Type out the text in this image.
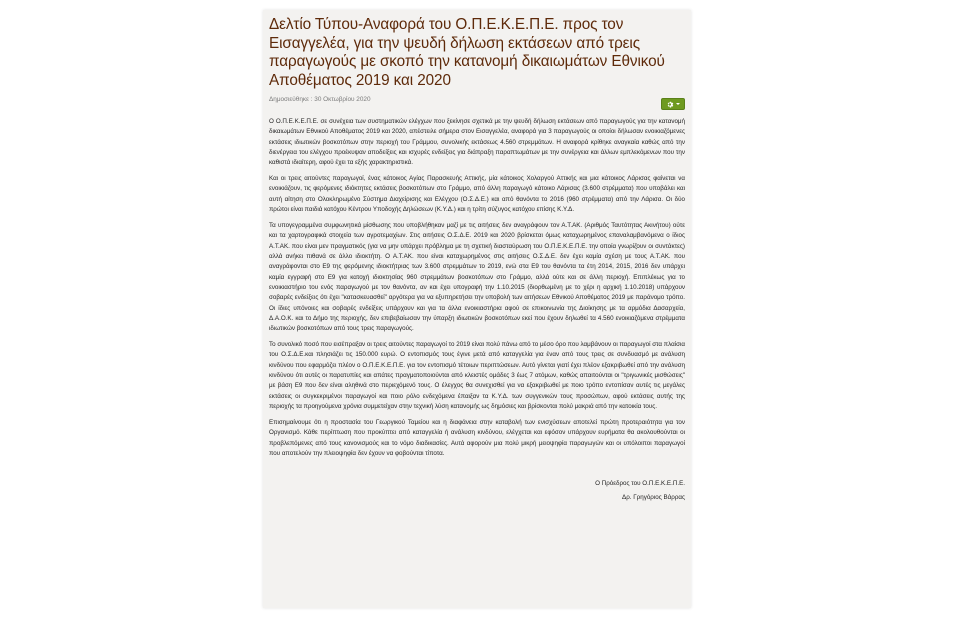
Δελτίο Τύπου-Αναφορά του Ο.Π.Ε.Κ.Ε.Π.Ε. προς τον Εισαγγελέα, για την ψευδή δήλωση εκτάσεων από τρεις παραγωγούς με σκοπό την κατανομή δικαιωμάτων Εθνικού Αποθέματος 2019 και 2020
Δημοσιεύθηκε : 30 Οκτωβρίου 2020

Ο Ο.Π.Ε.Κ.Ε.Π.Ε. σε συνέχεια των συστηματικών ελέγχων που ξεκίνησε σχετικά με την ψευδή δήλωση εκτάσεων από παραγωγούς για την κατανομή δικαιωμάτων Εθνικού Αποθέματος 2019 και 2020, απέστειλε σήμερα στον Εισαγγελέα, αναφορά για 3 παραγωγούς οι οποίοι δήλωσαν ενοικιαζόμενες εκτάσεις ιδιωτικών βοσκοτόπων στην περιοχή του Γράμμου, συνολικής εκτάσεως 4.560 στρεμμάτων. Η αναφορά κρίθηκε αναγκαία καθώς από την διενέργεια του ελέγχου προέκυψαν αποδείξεις και ισχυρές ενδείξεις για διάπραξη παραπτωμάτων με την συνέργεια και άλλων εμπλεκόμενων που την καθιστά ιδιαίτερη, αφού έχει τα εξής χαρακτηριστικά.

Και οι τρεις αιτούντες παραγωγοί, ένας κάτοικος Αγίας Παρασκευής Αττικής, μία κάτοικος Χολαργού Αττικής και μια κάτοικος Λάρισας φαίνεται να ενοικιάζουν, τις φερόμενες ιδιόκτητες εκτάσεις βοσκοτόπων στο Γράμμο, από άλλη παραγωγό κάτοικο Λάρισας (3.600 στρέμματα) που υποβάλει και αυτή αίτηση στο Ολοκληρωμένο Σύστημα Διαχείρισης και Ελέγχου (Ο.Σ.Δ.Ε.) και από θανόντα το 2016 (960 στρέμματα) από την Λάρισα. Οι δύο πρώτοι είναι παιδιά κατόχου Κέντρου Υποδοχής Δηλώσεων (Κ.Υ.Δ.) και η τρίτη σύζυγος κατόχου επίσης Κ.Υ.Δ.

Τα υπογεγραμμένα συμφωνητικά μίσθωσης που υποβλήθηκαν μαζί με τις αιτήσεις δεν αναγράφουν τον Α.Τ.ΑΚ. (Αριθμός Ταυτότητας Ακινήτου) ούτε και τα χαρτογραφικά στοιχεία των αγροτεμαχίων. Στις αιτήσεις Ο.Σ.Δ.Ε. 2019 και 2020 βρίσκεται όμως καταχωρημένος επαναλαμβανόμενα ο ίδιος Α.Τ.ΑΚ. που είναι μεν πραγματικός (για να μην υπάρχει πρόβλημα με τη σχετική διασταύρωση του Ο.Π.Ε.Κ.Ε.Π.Ε. την οποία γνωρίζουν οι συντάκτες) αλλά ανήκει πιθανά σε άλλο ιδιοκτήτη. Ο Α.Τ.ΑΚ. που είναι καταχωρημένος στις αιτήσεις Ο.Σ.Δ.Ε. δεν έχει καμία σχέση με τους Α.Τ.ΑΚ. που αναγράφονται στο Ε9 της φερόμενης ιδιοκτήτριας των 3.600 στρεμμάτων το 2019, ενώ στα Ε9 του θανόντα τα έτη 2014, 2015, 2016 δεν υπάρχει καμία εγγραφή στο Ε9 για κατοχή ιδιοκτησίας 960 στρεμμάτων βοσκοτόπων στο Γράμμο, αλλά ούτε και σε άλλη περιοχή. Επιπλέκως για το ενοικιαστήριο του ενός παραγωγού με τον θανόντα, αν και έχει υπογραφή την 1.10.2015 (διορθωμένη με το χέρι η αρχική 1.10.2018) υπάρχουν σοβαρές ενδείξεις ότι έχει "κατασκευασθεί" αργότερα για να εξυπηρετήσει την υποβολή των αιτήσεων Εθνικού Αποθέματος 2019 με παράνομο τρόπο. Οι ίδιες υπόνοιες και σοβαρές ενδείξεις υπάρχουν και για τα άλλα ενοικιαστήρια αφού σε επικοινωνία της Διοίκησης με τα αρμόδια Δασαρχεία, Δ.Α.Ο.Κ. και το Δήμο της περιοχής, δεν επιβεβαίωσαν την ύπαρξη ιδιωτικών βοσκοτόπων εκεί που έχουν δηλωθεί τα 4.560 ενοικιαζόμενα στρέμματα ιδιωτικών βοσκοτόπων από τους τρεις παραγωγούς.

Το συνολικό ποσό που εισέπραξαν οι τρεις αιτούντες παραγωγοί το 2019 είναι πολύ πάνω από το μέσο όρο που λαμβάνουν οι παραγωγοί στα πλαίσια του Ο.Σ.Δ.Ε.και πλησιάζει τις 150.000 ευρώ. Ο εντοπισμός τους έγινε μετά από καταγγελία για έναν από τους τρεις σε συνδυασμό με ανάλυση κινδύνου που εφαρμόζει πλέον ο Ο.Π.Ε.Κ.Ε.Π.Ε. για τον εντοπισμό τέτοιων περιπτώσεων. Αυτό γίνεται γιατί έχει πλέον εξακριβωθεί από την ανάλυση κινδύνου ότι αυτές οι παρατυπίες και απάτες πραγματοποιούνται από κλειστές ομάδες 3 έως 7 ατόμων, καθώς απαιτούνται οι "τριγωνικές μισθώσεις" με βάση Ε9 που δεν είναι αληθινά στο περιεχόμενό τους. Ο έλεγχος θα συνεχισθεί για να εξακριβωθεί με ποιο τρόπο εντοπίσαν αυτές τις μεγάλες εκτάσεις οι συγκεκριμένοι παραγωγοί και ποιο ρόλο ενδεχόμενα έπαιξαν τα Κ.Υ.Δ. των συγγενικών τους προσώπων, αφού εκτάσεις αυτής της περιοχής τα προηγούμενα χρόνια συμμετείχαν στην τεχνική λύση κατανομής ως δημόσιες και βρίσκονται πολύ μακριά από την κατοικία τους.

Επισημαίνουμε ότι η προστασία του Γεωργικού Ταμείου και η διαφάνεια στην καταβολή των ενισχύσεων αποτελεί πρώτη προτεραιότητα για τον Οργανισμό. Κάθε περίπτωση που προκύπτει από καταγγελία ή ανάλυση κινδύνου, ελέγχεται και εφόσον υπάρχουν ευρήματα θα ακολουθούνται οι προβλεπόμενες από τους κανονισμούς και το νόμο διαδικασίες. Αυτά αφορούν μια πολύ μικρή μειοψηφία παραγωγών και οι υπόλοιποι παραγωγοί που αποτελούν την πλειοψηφία δεν έχουν να φοβούνται τίποτα.

Ο Πρόεδρος του Ο.Π.Ε.Κ.Ε.Π.Ε.
Δρ. Γρηγόριος Βάρρας
